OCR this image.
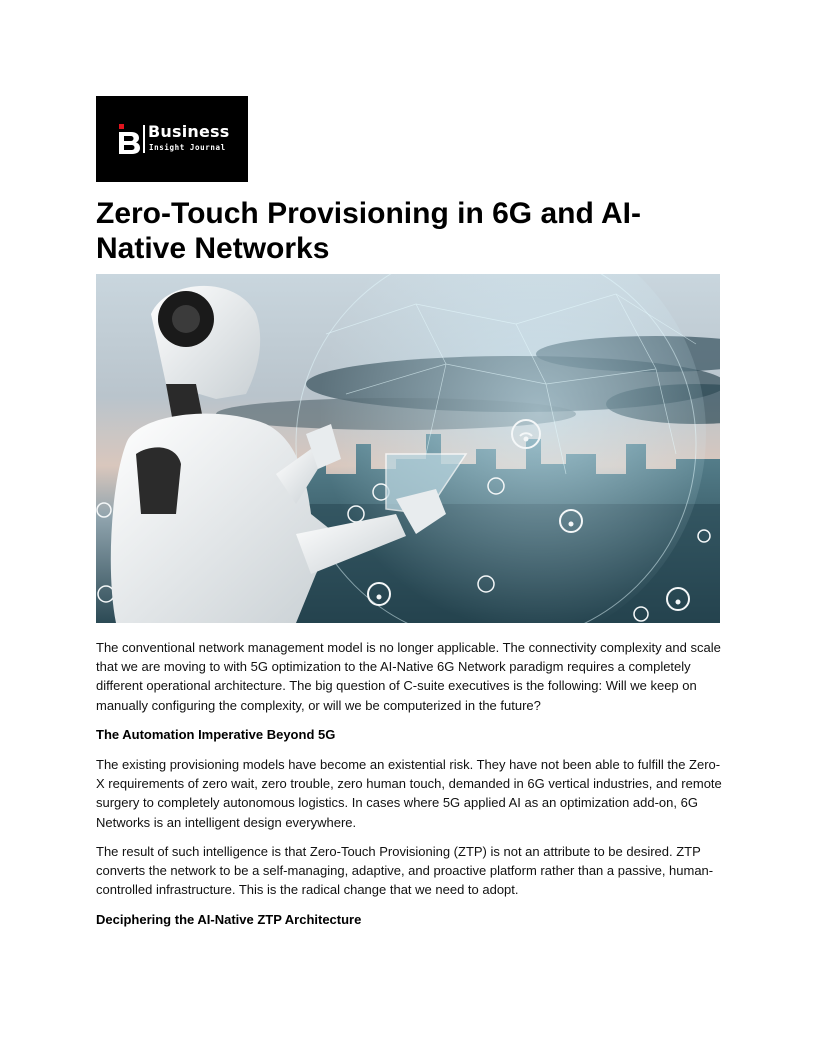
Business
Insight Journal
Zero-Touch Provisioning in 6G and AI-Native Networks

The conventional network management model is no longer applicable. The connectivity complexity and scale that we are moving to with 5G optimization to the AI-Native 6G Network paradigm requires a completely different operational architecture. The big question of C-suite executives is the following: Will we keep on manually configuring the complexity, or will we be computerized in the future?

The Automation Imperative Beyond 5G

The existing provisioning models have become an existential risk. They have not been able to fulfill the Zero-X requirements of zero wait, zero trouble, zero human touch, demanded in 6G vertical industries, and remote surgery to completely autonomous logistics. In cases where 5G applied AI as an optimization add-on, 6G Networks is an intelligent design everywhere.

The result of such intelligence is that Zero-Touch Provisioning (ZTP) is not an attribute to be desired. ZTP converts the network to be a self-managing, adaptive, and proactive platform rather than a passive, human-controlled infrastructure. This is the radical change that we need to adopt.

Deciphering the AI-Native ZTP Architecture
